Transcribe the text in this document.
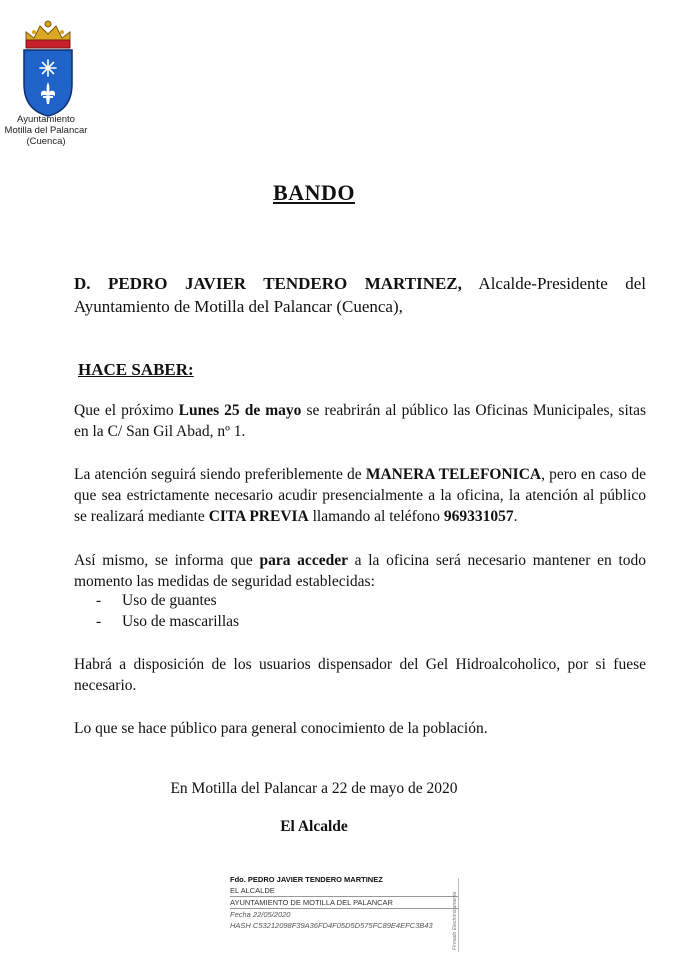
Ayuntamiento
Motilla del Palancar
(Cuenca)
BANDO
D. PEDRO JAVIER TENDERO MARTINEZ, Alcalde-Presidente del Ayuntamiento de Motilla del Palancar (Cuenca),
HACE SABER:
Que el próximo Lunes 25 de mayo se reabrirán al público las Oficinas Municipales, sitas en la C/ San Gil Abad, nº 1.
La atención seguirá siendo preferiblemente de MANERA TELEFONICA, pero en caso de que sea estrictamente necesario acudir presencialmente a la oficina, la atención al público se realizará mediante CITA PREVIA llamando al teléfono 969331057.
Así mismo, se informa que para acceder a la oficina será necesario mantener en todo momento las medidas de seguridad establecidas:
-	Uso de guantes
-	Uso de mascarillas
Habrá a disposición de los usuarios dispensador del Gel Hidroalcoholico, por si fuese necesario.
Lo que se hace público para general conocimiento de la población.
En Motilla del Palancar a 22 de mayo de 2020
El Alcalde
Fdo. PEDRO JAVIER TENDERO MARTINEZ
EL ALCALDE
AYUNTAMIENTO DE MOTILLA DEL PALANCAR
Fecha 22/05/2020
HASH C53212098F39A36FD4F05D5D575FC89E4EFC3B43	Firmado Electrónicamente
